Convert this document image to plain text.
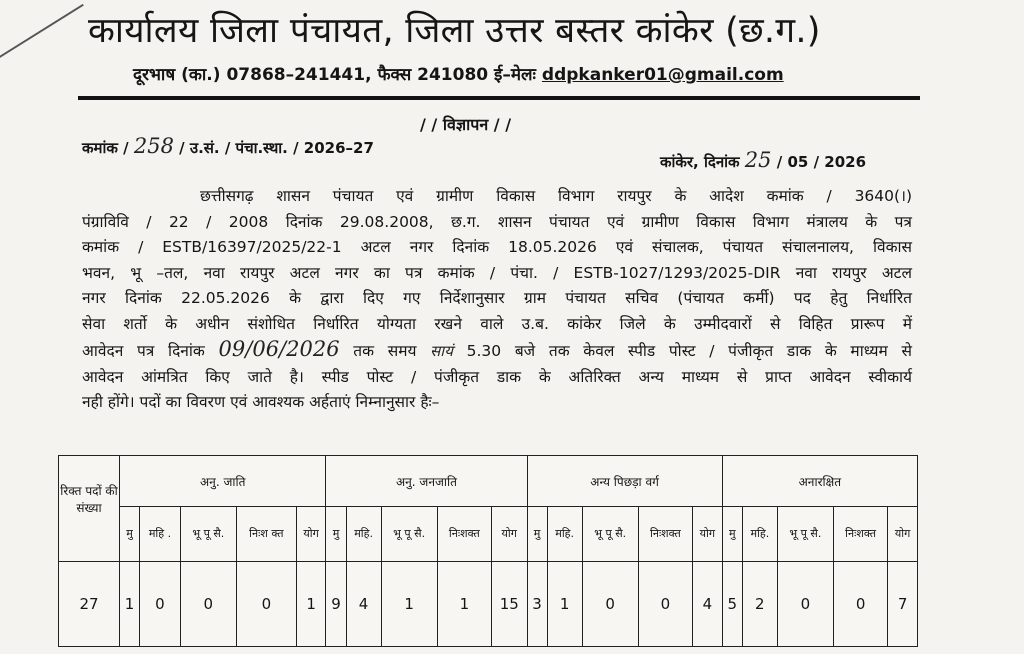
कार्यालय जिला पंचायत, जिला उत्तर बस्तर कांकेर (छ.ग.)
दूरभाष (का.) 07868–241441, फैक्स 241080 ई–मेलः ddpkanker01@gmail.com
/ / विज्ञापन / /
कमांक / 258 / उ.सं. / पंचा.स्था. / 2026–27
कांकेर, दिनांक 25 / 05 / 2026
छत्तीसगढ़ शासन पंचायत एवं ग्रामीण विकास विभाग रायपुर के आदेश कमांक / 3640(।)
पंग्राविवि / 22 / 2008 दिनांक 29.08.2008, छ.ग. शासन पंचायत एवं ग्रामीण विकास विभाग मंत्रालय के पत्र
कमांक / ESTB/16397/2025/22-1 अटल नगर दिनांक 18.05.2026 एवं संचालक, पंचायत संचालनालय, विकास
भवन, भू –तल, नवा रायपुर अटल नगर का पत्र कमांक / पंचा. / ESTB-1027/1293/2025-DIR नवा रायपुर अटल
नगर दिनांक 22.05.2026 के द्वारा दिए गए निर्देशानुसार ग्राम पंचायत सचिव (पंचायत कर्मी) पद हेतु निर्धारित
सेवा शर्तो के अधीन संशोधित निर्धारित योग्यता रखने वाले उ.ब. कांकेर जिले के उम्मीदवारों से विहित प्रारूप में
आवेदन पत्र दिनांक 09/06/2026 तक समय सायं 5.30 बजे तक केवल स्पीड पोस्ट / पंजीकृत डाक के माध्यम से
आवेदन आंमत्रित किए जाते है। स्पीड पोस्ट / पंजीकृत डाक के अतिरिक्त अन्य माध्यम से प्राप्त आवेदन स्वीकार्य
नही होंगे। पदों का विवरण एवं आवश्यक अर्हताएं निम्नानुसार हैः–
रिक्त पदों की संख्या	अनु. जाति					अनु. जनजाति					अन्य पिछड़ा वर्ग					अनारक्षित				
	मु	महि .	भू पू सै.	निःश क्त	योग	मु	महि.	भू पू सै.	निःशक्त	योग	मु	महि.	भू पू सै.	निःशक्त	योग	मु	महि.	भू पू सै.	निःशक्त	योग
27	1	0	0	0	1	9	4	1	1	15	3	1	0	0	4	5	2	0	0	7
